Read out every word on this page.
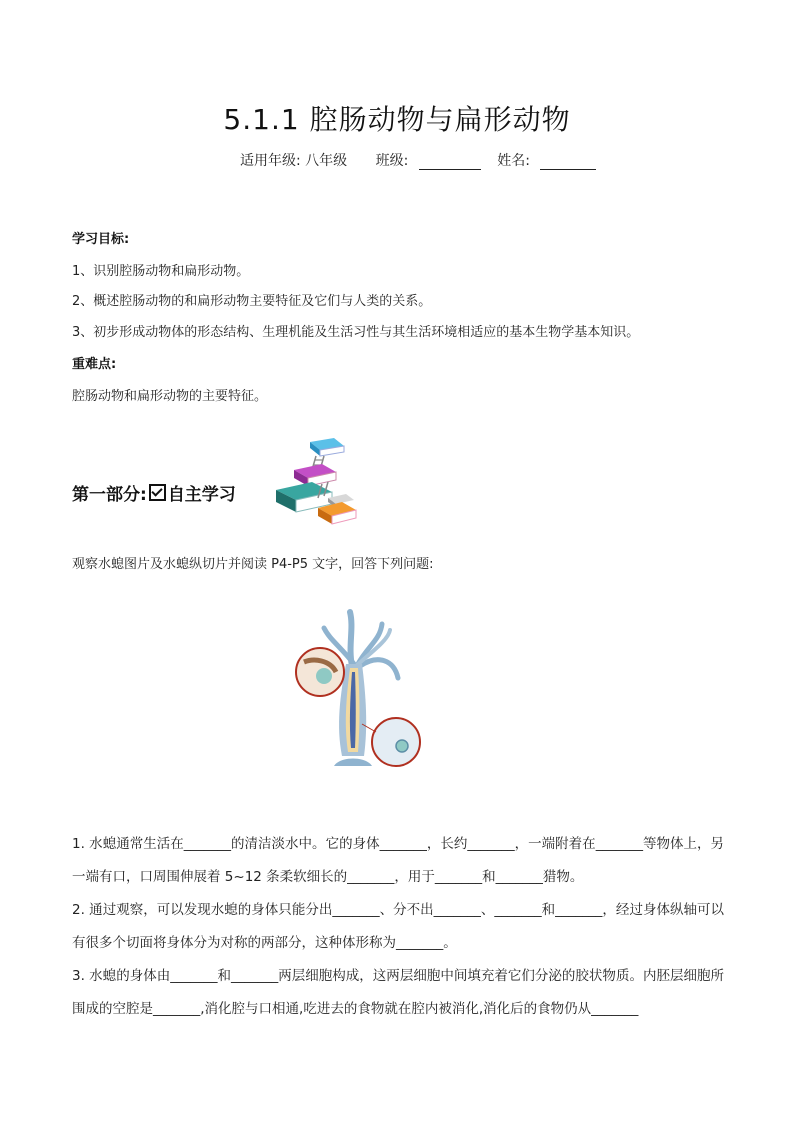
5.1.1 腔肠动物与扁形动物
适用年级: 八年级 班级:	姓名:
学习目标:
1、识别腔肠动物和扁形动物。
2、概述腔肠动物的和扁形动物主要特征及它们与人类的关系。
3、初步形成动物体的形态结构、生理机能及生活习性与其生活环境相适应的基本生物学基本知识。
重难点:
腔肠动物和扁形动物的主要特征。
第一部分: 自主学习
观察水螅图片及水螅纵切片并阅读 P4-P5 文字，回答下列问题:

1. 水螅通常生活在_______的清洁淡水中。它的身体_______，长约_______，一端附着在_______等物体上，另一端有口，口周围伸展着 5~12 条柔软细长的_______，用于_______和_______猎物。

2. 通过观察，可以发现水螅的身体只能分出_______、分不出_______、_______和_______，经过身体纵轴可以有很多个切面将身体分为对称的两部分，这种体形称为_______。

3. 水螅的身体由_______和_______两层细胞构成，这两层细胞中间填充着它们分泌的胶状物质。内胚层细胞所围成的空腔是_______,消化腔与口相通,吃进去的食物就在腔内被消化,消化后的食物仍从_______
